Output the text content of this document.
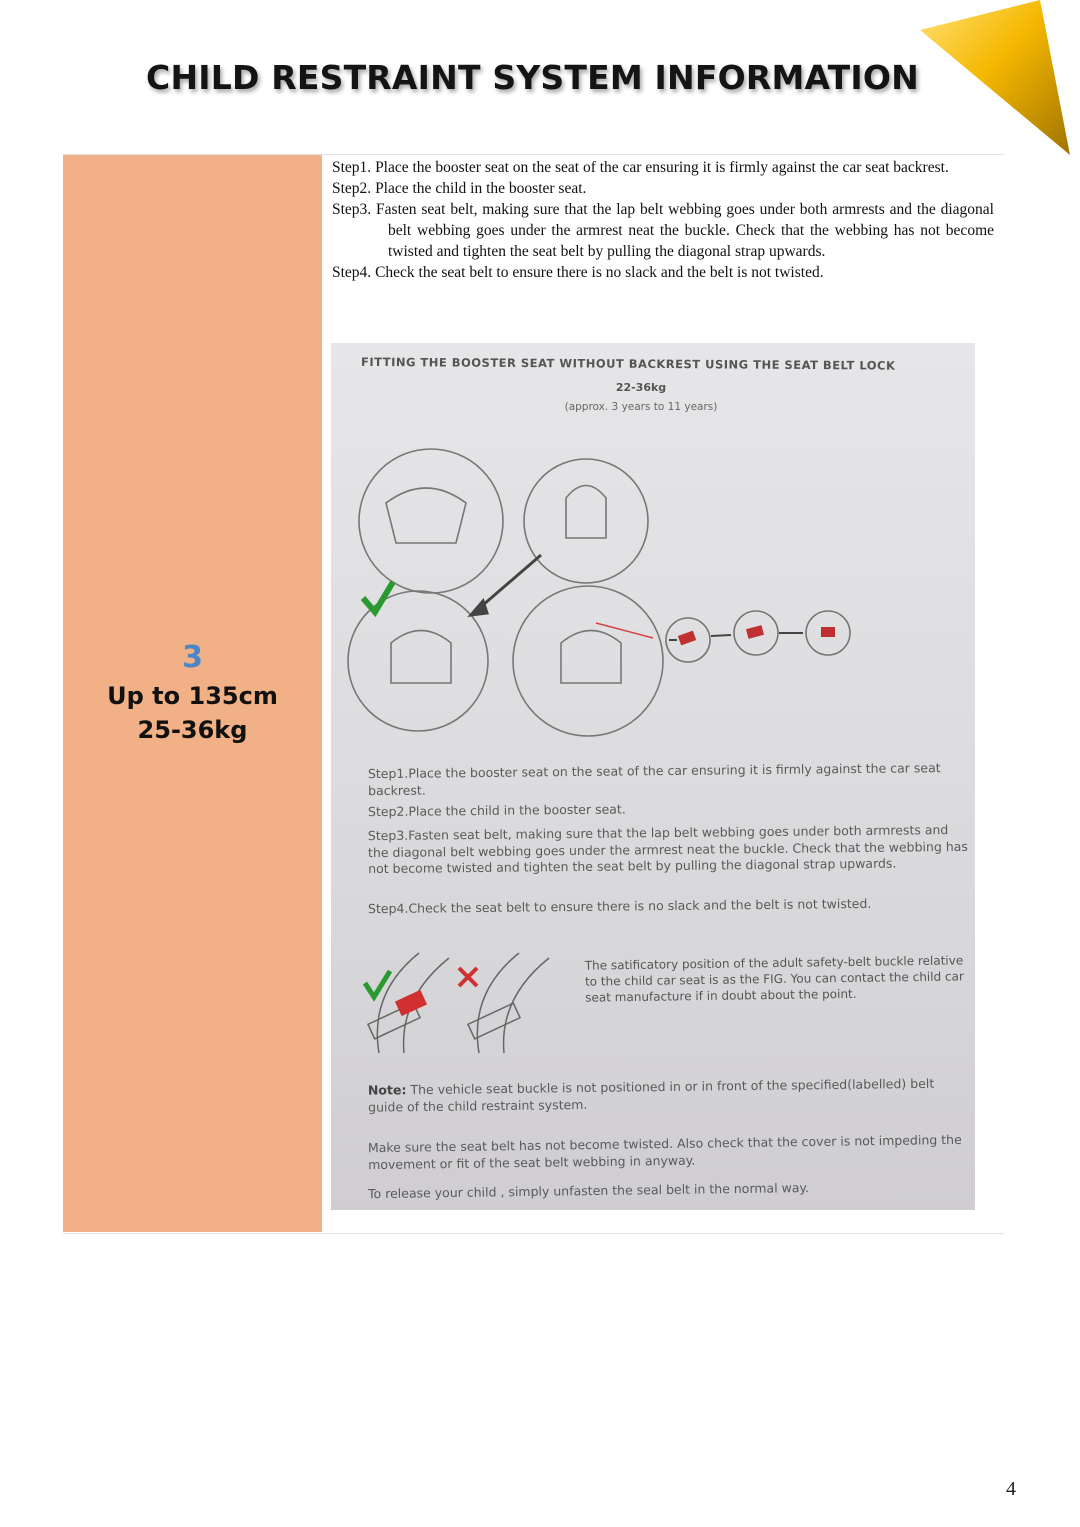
CHILD RESTRAINT SYSTEM INFORMATION
3
Up to 135cm
25-36kg
Step1. Place the booster seat on the seat of the car ensuring it is firmly against the car seat backrest.
Step2. Place the child in the booster seat.
Step3. Fasten seat belt, making sure that the lap belt webbing goes under both armrests and the diagonal belt webbing goes under the armrest neat the buckle. Check that the webbing has not become twisted and tighten the seat belt by pulling the diagonal strap upwards.
Step4. Check the seat belt to ensure there is no slack and the belt is not twisted.
FITTING THE BOOSTER SEAT WITHOUT BACKREST USING THE SEAT BELT LOCK
22-36kg
(approx. 3 years to 11 years)
Step1.Place the booster seat on the seat of the car ensuring it is firmly against the car seat backrest.
Step2.Place the child in the booster seat.
Step3.Fasten seat belt, making sure that the lap belt webbing goes under both armrests and the diagonal belt webbing goes under the armrest neat the buckle. Check that the webbing has not become twisted and tighten the seat belt by pulling the diagonal strap upwards.
Step4.Check the seat belt to ensure there is no slack and the belt is not twisted.
The satificatory position of the adult safety-belt buckle relative to the child car seat is as the FIG. You can contact the child car seat manufacture if in doubt about the point.
Note: The vehicle seat buckle is not positioned in or in front of the specified(labelled) belt guide of the child restraint system.
Make sure the seat belt has not become twisted. Also check that the cover is not impeding the movement or fit of the seat belt webbing in anyway.
To release your child , simply unfasten the seal belt in the normal way.
4
